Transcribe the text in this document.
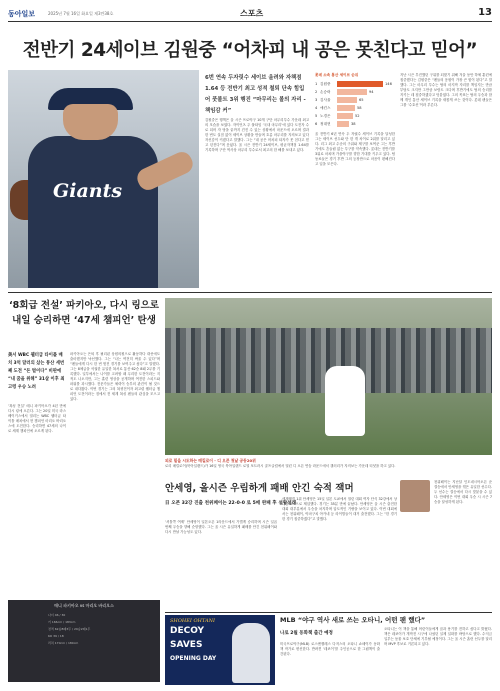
동아일보	2025년 7월 16일 화요일 제3만38호	스포츠	13
전반기 24세이브 김원중 “어차피 내 공은 못친다고 믿어”
Giants
6번 연속 두자릿수 세이브 올려와 자책점 1.64 등 전반기 최고 성적 철퇴 단속 힘입어 풋볼트 3위 행진 “마무리는 볼의 자리 - 책임감 커”
김원중은 행책은 올 시즌 프로야구 10개 구단 마무리투수 가운데 최고의 모습을 보였다. 자이언츠 주 풀타임 ‘국내 마무리’에 있다 도전자 수로 되어 자 당을 끝까지 건진 수 있는 상황에서 마운드에 오르며 결과 한 번도 실점 없이 세이브 상황을 만들며 흐름 마무리를 지켜보고 있다 자신감이 커졌다고 말했다. 그는 “내 공은 어차피 타자가 못 친다고 믿고 던진다”며 웃었다. 올 시즌 전반기 24세이브, 평균자책점 1.64를 기록하며 구단 역사상 마무리 투수로서 최고의 한 해를 보내고 있다.
롯데 소속 통산 세이브 순위
1 김원중	146
2 손승락	94
3 김사율	65
4 애킨스	58
5 노경은	52
6 정대현	38
올 전반기 6년 연속 두 자릿수 세이브 기록을 달성한 그는 세이브 선두와 단 한 개 차이로 2위를 달리고 있다. 리그 최고 수준의 구위와 제구를 보여준 그는 후반기에도 흔들림 없는 투구를 약속했다. 롯데는 전반기를 3위로 마치며 가을야구를 향한 기대를 키우고 있다. 팀 동료들은 경기 후반 그의 등장만으로 마음이 편해진다고 입을 모은다.
지난 시즌 부진했던 구위를 되찾기 위해 겨울 동안 하체 훈련에 집중했다는 김원중은 “팬들의 응원이 가장 큰 힘이 된다”고 말했다. 그는 마무리 투수는 팀의 마지막 자리를 책임지는 만큼 부담도 크지만 그만큼 보람도 크다며 후반기에도 팀의 승리를 지키는 데 집중하겠다고 덧붙였다. 그의 목표는 팀의 우승과 함께 개인 통산 세이브 기록을 새롭게 쓰는 것이다. 롯데 팬들은 그를 ‘수호신’이라 부른다.
‘8회급 전설’ 파키아오, 다시 링으로 내일 승리하면 ‘47세 챔피언’ 탄생
美서 WBC 웰터급 타이틀 매치 3억 달러의 샀는 통산 세번째 도전 “돈 벌이다” 비판에 “내 꿈을 위해” 31살 이후 최고령 우승 노려
‘복싱 전설’ 매니 파키아오가 4년 만에 다시 링에 오른다. 그는 20일 미국 라스베이거스에서 열리는 WBC 웰터급 타이틀 매치에서 현 챔피언 마리오 바리오스에 도전한다. 승리하면 47세의 나이로 세계 챔피언에 오르게 된다.
파키아오는 은퇴 후 필리핀 상원의원으로 활동하다 대선에도 출마했지만 낙선했다. 그는 “나는 여전히 싸울 수 있다”며 “팬들에게 다시 한 번 멋진 경기를 보여주고 싶다”고 말했다. 그는 8체급을 석권한 유일한 복서로 통산 62승 8패 2무를 기록했다. 일부에서는 나이를 고려할 때 무리한 도전이라는 지적도 나오지만, 그는 훈련 영상을 공개하며 여전한 스피드와 파워를 과시했다. 전문가들은 체력이 승부의 관건이 될 것으로 내다봤다. 이번 경기는 그의 복귀전이자 최고령 웰터급 챔피언 도전이라는 점에서 전 세계 복싱 팬들의 관심을 모으고 있다.
매니 파키아오 vs 마리오 바리오스
나이 46 / 30
키 166cm / 183cm
전적 62승8패3무 / 29승2패1무
KO 39 / 18
리치 170cm / 180cm
외로 밀을 시도하는 매킬로이 - 디 오픈 첫날 공동20위
로리 매킬로이(북아일랜드)가 16일 영국 북아일랜드 로열 포트러시 골프클럽에서 열린 디 오픈 연습 라운드에서 갤러리가 지켜보는 가운데 티샷을 하고 있다.
안세영, 올시즌 우림하게 패배 안긴 숙적 잭머
日 오픈 32강 진출 천위페이는 22-0-0 로 5매 완패 후 설왕설래
‘셔틀콕 여제’ 안세영이 일본오픈 1라운드에서 가볍게 승리하며 시즌 일곱 번째 우승을 향해 순항했다. 그는 올 시즌 유일하게 패배를 안긴 천위페이와 다시 만날 가능성도 있다.
세계랭킹 1위 안세영은 15일 일본 도쿄에서 열린 대회 여자 단식 32강에서 상대를 2-0으로 제압했다. 경기는 35분 만에 끝났다. 안세영은 올 시즌 출전한 대회 대부분에서 우승을 차지하며 압도적인 기량을 보이고 있다. 이번 대회에서는 천위페이, 야마구치 아카네 등 라이벌들이 대거 출전했다. 그는 “한 경기 한 경기 집중하겠다”고 말했다.
천위페이는 지난달 인도네시아오픈 준결승에서 안세영을 꺾은 유일한 선수다. 두 선수는 결승에서 다시 맞붙을 수 있다. 안세영은 이번 대회 우승 시 시즌 7승을 달성하게 된다.
SHOHEI OHTANI
DECOY
SAVES
OPENING DAY
MLB “야구 역사 새로 쓰는 오타니, 어떤 팬 했다”
나로 2월 동화책 출간 예정
미국프로야구(MLB) 로스앤젤레스 다저스의 오타니 쇼헤이가 동화책 작가로 변신한다. 반려견 ‘데코이’를 주인공으로 한 그림책이 출간된다.
오타니는 이 책을 통해 어린이들에게 꿈과 용기를 전하고 싶다고 밝혔다. 책은 데코이가 개막전 시구에 나섰던 실제 일화를 바탕으로 했다. 수익금 일부는 동물 보호 단체에 기부될 예정이다. 그는 올 시즌 홈런 선두를 달리며 MVP 후보로 거론되고 있다.
